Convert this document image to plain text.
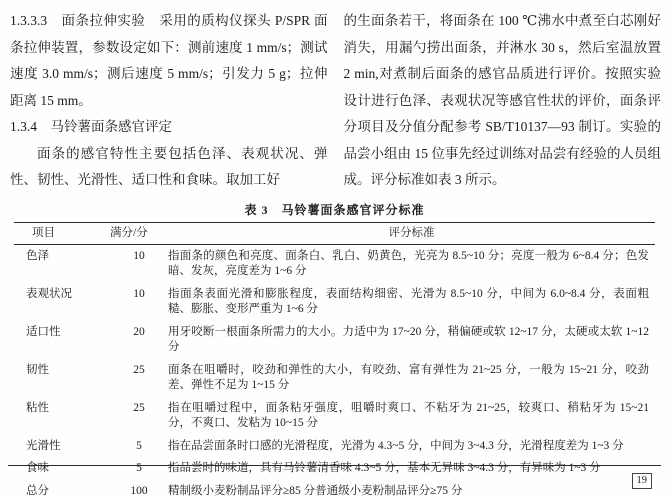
1.3.3.3　面条拉伸实验　采用的质构仪探头 P/SPR 面条拉伸装置，参数设定如下：测前速度 1 mm/s；测试速度 3.0 mm/s；测后速度 5 mm/s；引发力 5 g；拉伸距离 15 mm。

1.3.4　马铃薯面条感官评定

面条的感官特性主要包括色泽、表观状况、弹性、韧性、光滑性、适口性和食味。取加工好

的生面条若干，将面条在 100 ℃沸水中煮至白芯刚好消失，用漏勺捞出面条，并淋水 30 s，然后室温放置 2 min,对煮制后面条的感官品质进行评价。按照实验设计进行色泽、表观状况等感官性状的评价，面条评分项目及分值分配参考 SB/T10137—93 制订。实验的品尝小组由 15 位事先经过训练对品尝有经验的人员组成。评分标准如表 3 所示。

表 3　马铃薯面条感官评分标准
项目	满分/分	评分标准
色泽	10	指面条的颜色和亮度、面条白、乳白、奶黄色，光亮为 8.5~10 分；亮度一般为 6~8.4 分；色发暗、发灰，亮度差为 1~6 分
表观状况	10	指面条表面光滑和膨胀程度，表面结构细密、光滑为 8.5~10 分，中间为 6.0~8.4 分，表面粗糙、膨胀、变形严重为 1~6 分
适口性	20	用牙咬断一根面条所需力的大小。力适中为 17~20 分，稍偏硬或软 12~17 分，太硬或太软 1~12 分
韧性	25	面条在咀嚼时，咬劲和弹性的大小，有咬劲、富有弹性为 21~25 分，一般为 15~21 分，咬劲差、弹性不足为 1~15 分
粘性	25	指在咀嚼过程中，面条粘牙强度，咀嚼时爽口、不粘牙为 21~25，较爽口、稍粘牙为 15~21 分，不爽口、发粘为 10~15 分
光滑性	5	指在品尝面条时口感的光滑程度，光滑为 4.3~5 分，中间为 3~4.3 分，光滑程度差为 1~3 分
食味	5	指品尝时的味道，具有马铃薯清香味 4.3~5 分，基本无异味 3~4.3 分，有异味为 1~3 分
总分	100	精制级小麦粉制品评分≥85 分普通级小麦粉制品评分≥75 分
19
